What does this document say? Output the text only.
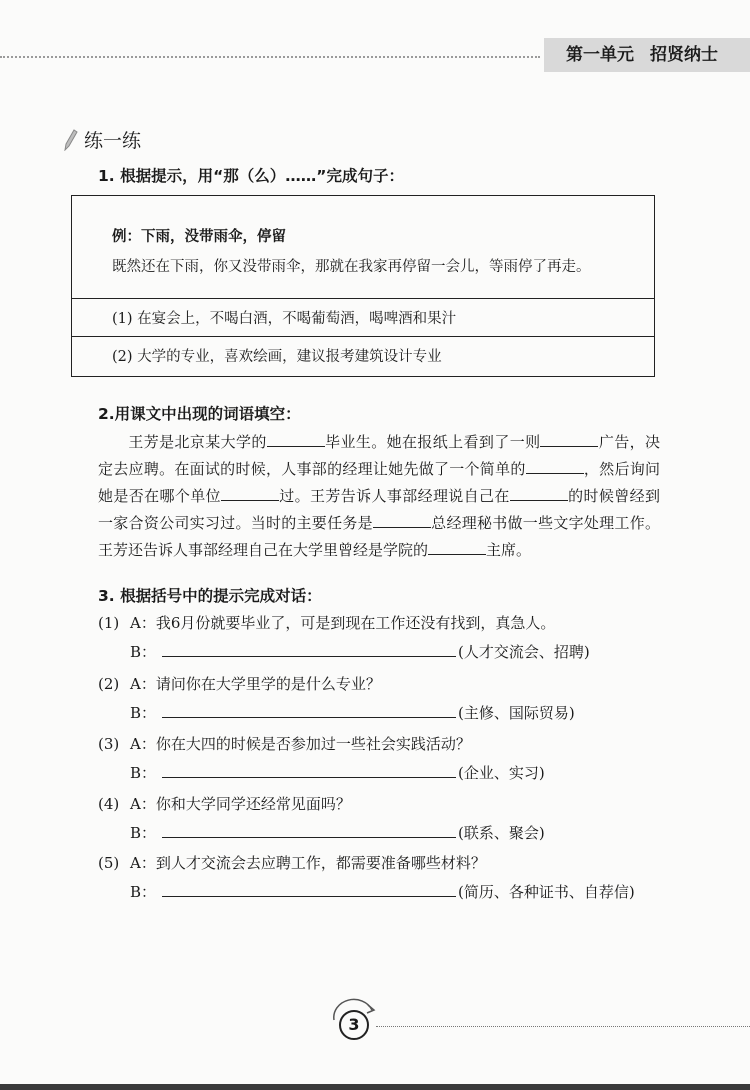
第一单元 招贤纳士
练一练
1. 根据提示，用“那（么）……”完成句子：
例：下雨，没带雨伞，停留
既然还在下雨，你又没带雨伞，那就在我家再停留一会儿，等雨停了再走。
(1) 在宴会上，不喝白酒，不喝葡萄酒，喝啤酒和果汁
(2) 大学的专业，喜欢绘画，建议报考建筑设计专业
2.用课文中出现的词语填空：
王芳是北京某大学的	毕业生。她在报纸上看到了一则	广告，决定去应聘。在面试的时候，人事部的经理让她先做了一个简单的	，然后询问她是否在哪个单位	过。王芳告诉人事部经理说自己在	的时候曾经到一家合资公司实习过。当时的主要任务是	总经理秘书做一些文字处理工作。王芳还告诉人事部经理自己在大学里曾经是学院的	主席。
3. 根据括号中的提示完成对话：
(1) A：我6月份就要毕业了，可是到现在工作还没有找到，真急人。
B：	(人才交流会、招聘)
(2) A：请问你在大学里学的是什么专业？
B：	(主修、国际贸易)
(3) A：你在大四的时候是否参加过一些社会实践活动？
B：	(企业、实习)
(4) A：你和大学同学还经常见面吗？
B：	(联系、聚会)
(5) A：到人才交流会去应聘工作，都需要准备哪些材料？
B：	(简历、各种证书、自荐信)
3
